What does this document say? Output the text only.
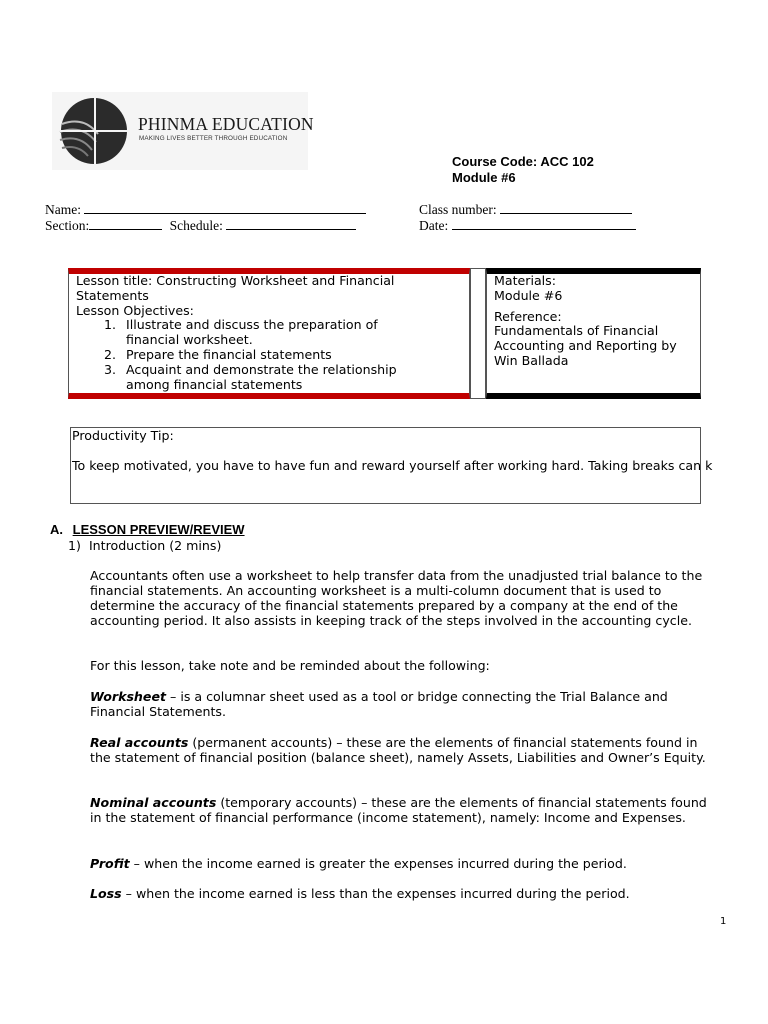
PHINMA EDUCATION
MAKING LIVES BETTER THROUGH EDUCATION
Course Code: ACC 102
Module #6
Name:
Section:	Schedule:
Class number:
Date:
Lesson title: Constructing Worksheet and Financial
Statements
Lesson Objectives:
1. Illustrate and discuss the preparation of financial worksheet.
2. Prepare the financial statements
3. Acquaint and demonstrate the relationship among financial statements
Materials:
Module #6
Reference:
Fundamentals of Financial Accounting and Reporting by Win Ballada
Productivity Tip:
To keep motivated, you have to have fun and reward yourself after working hard. Taking breaks can k
A. LESSON PREVIEW/REVIEW
1) Introduction (2 mins)
Accountants often use a worksheet to help transfer data from the unadjusted trial balance to the financial statements. An accounting worksheet is a multi-column document that is used to determine the accuracy of the financial statements prepared by a company at the end of the accounting period. It also assists in keeping track of the steps involved in the accounting cycle.
For this lesson, take note and be reminded about the following:
Worksheet – is a columnar sheet used as a tool or bridge connecting the Trial Balance and Financial Statements.
Real accounts (permanent accounts) – these are the elements of financial statements found in the statement of financial position (balance sheet), namely Assets, Liabilities and Owner’s Equity.
Nominal accounts (temporary accounts) – these are the elements of financial statements found in the statement of financial performance (income statement), namely: Income and Expenses.
Profit – when the income earned is greater the expenses incurred during the period.
Loss – when the income earned is less than the expenses incurred during the period.
1
